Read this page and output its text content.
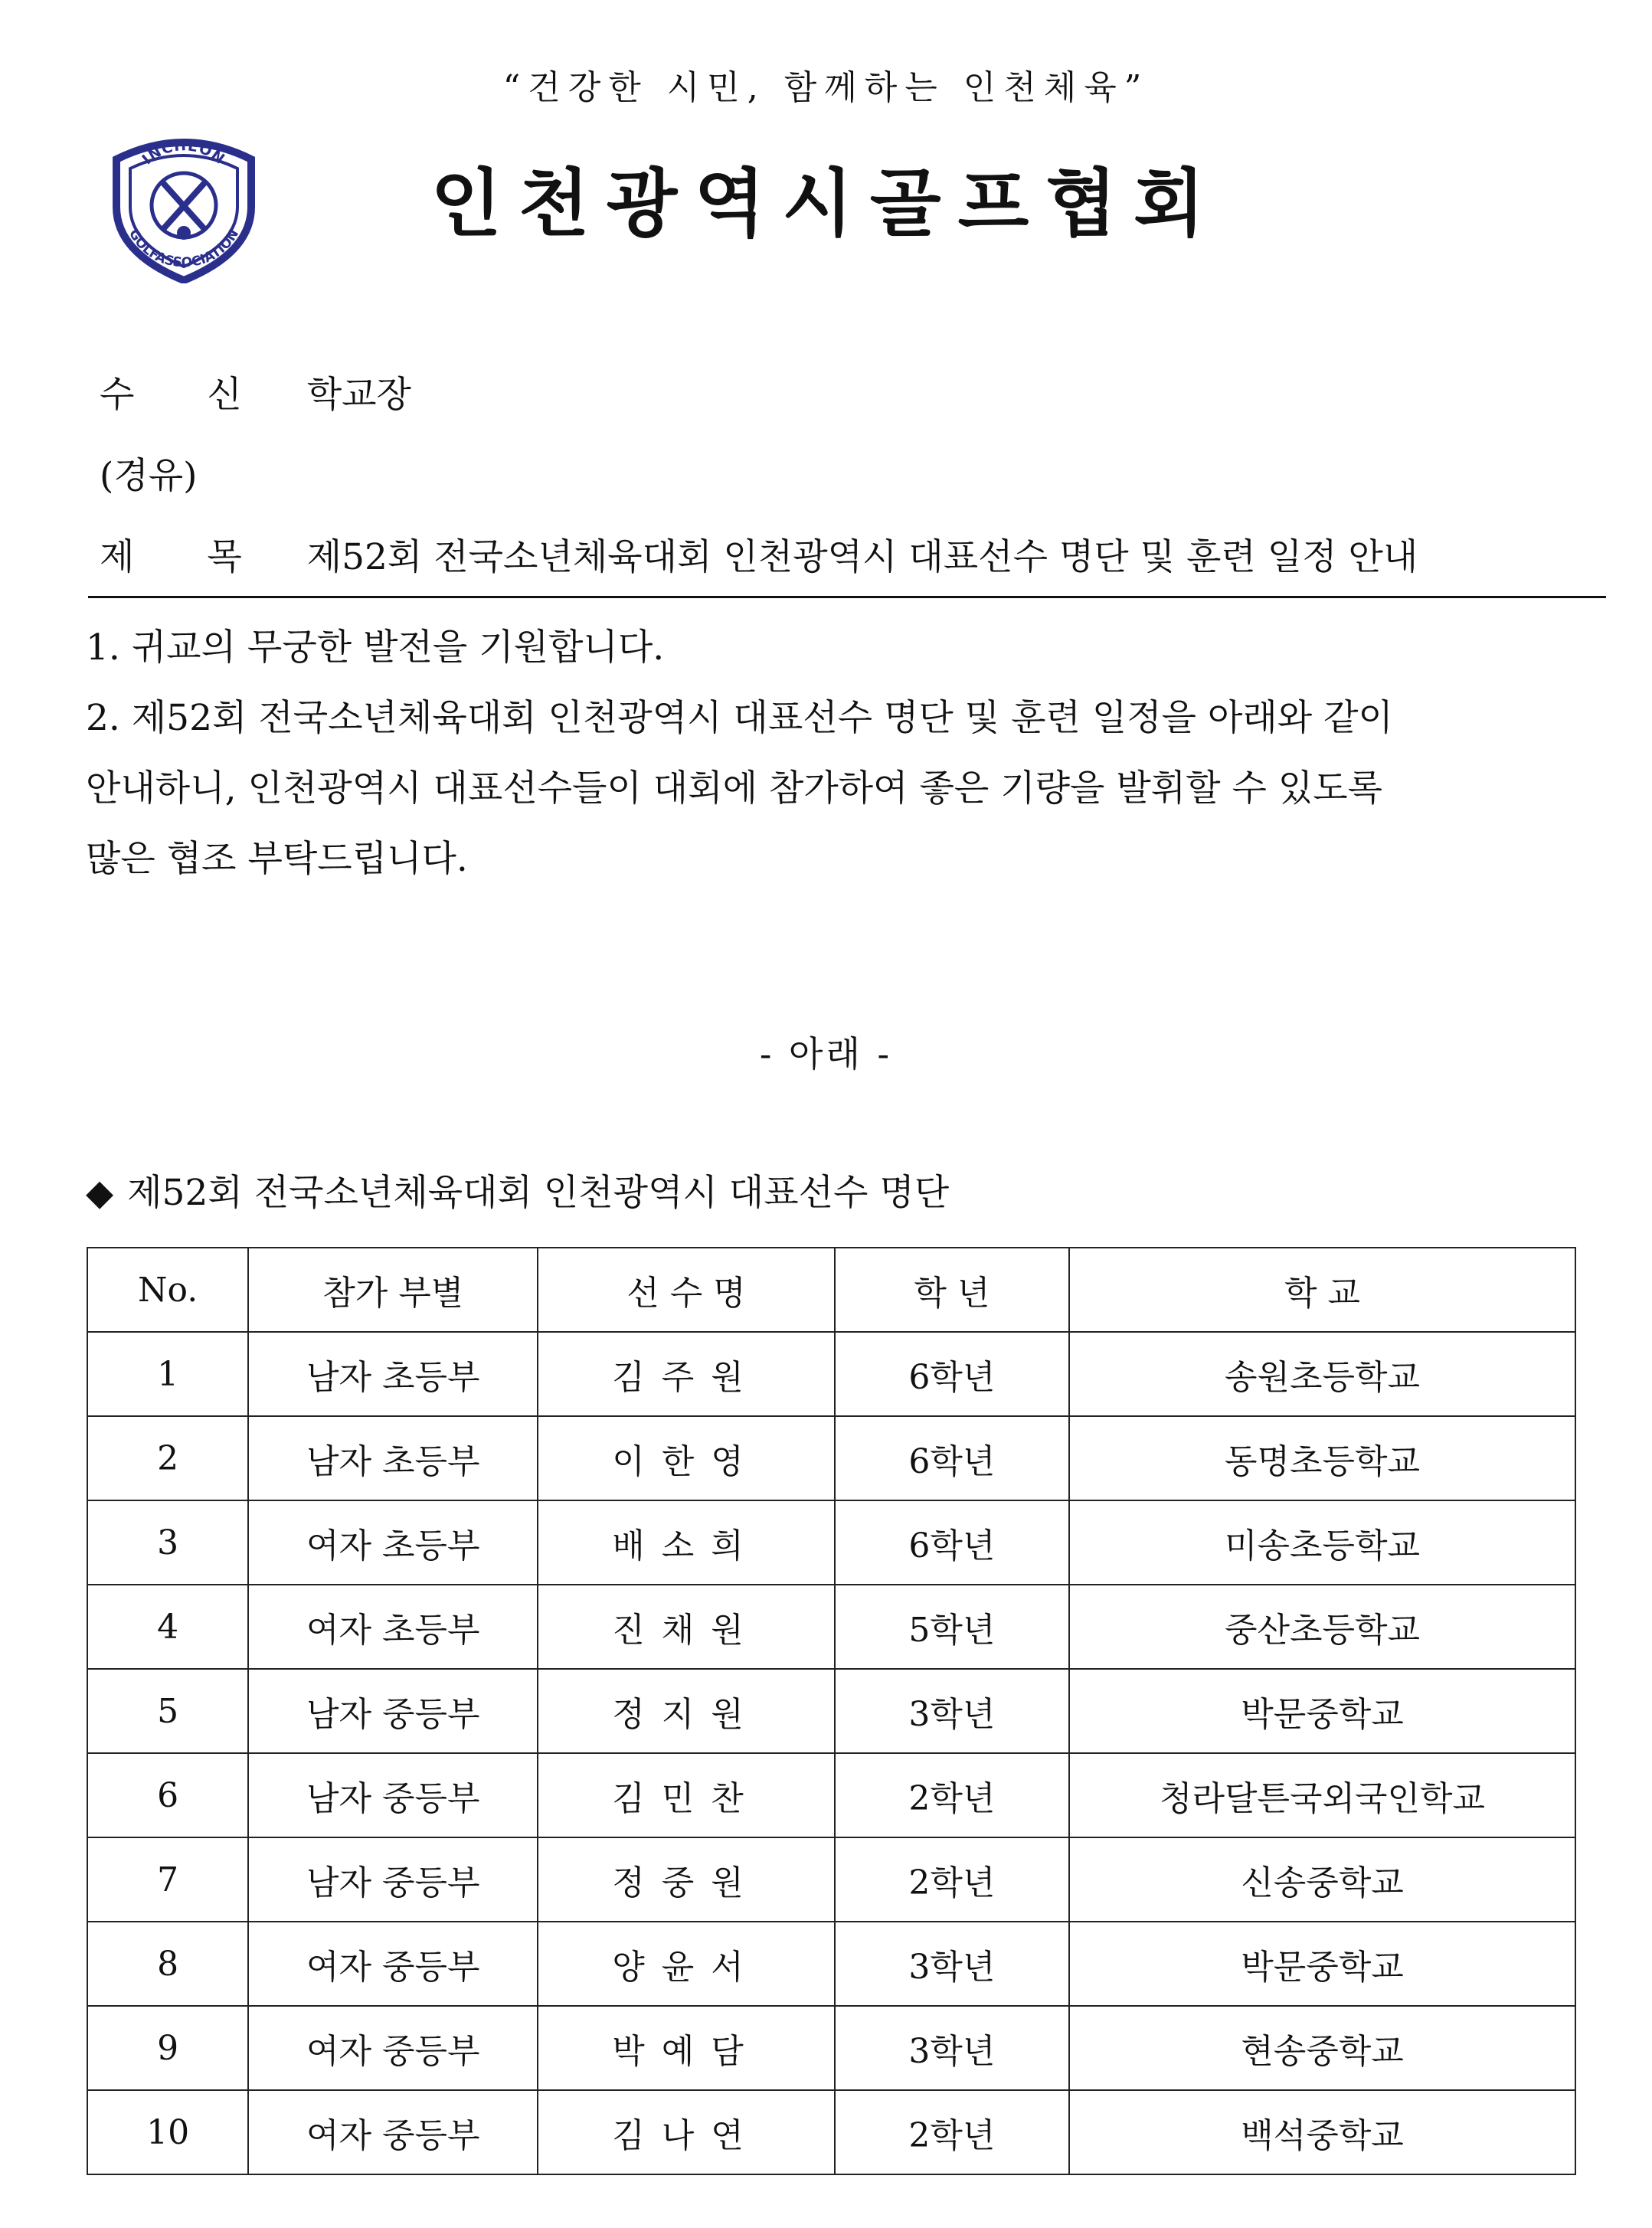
“건강한 시민, 함께하는 인천체육”
INCHEON
GOLFASSOCIATION	인천광역시골프협회
수 신 학교장
(경유)
제 목 제52회 전국소년체육대회 인천광역시 대표선수 명단 및 훈련 일정 안내

1. 귀교의 무궁한 발전을 기원합니다.

2. 제52회 전국소년체육대회 인천광역시 대표선수 명단 및 훈련 일정을 아래와 같이

안내하니, 인천광역시 대표선수들이 대회에 참가하여 좋은 기량을 발휘할 수 있도록

많은 협조 부탁드립니다.

- 아래 -
◆ 제52회 전국소년체육대회 인천광역시 대표선수 명단
No.	참가 부별	선 수 명	학 년	학 교
1	남자 초등부	김주원	6학년	송원초등학교
2	남자 초등부	이한영	6학년	동명초등학교
3	여자 초등부	배소희	6학년	미송초등학교
4	여자 초등부	진채원	5학년	중산초등학교
5	남자 중등부	정지원	3학년	박문중학교
6	남자 중등부	김민찬	2학년	청라달튼국외국인학교
7	남자 중등부	정중원	2학년	신송중학교
8	여자 중등부	양윤서	3학년	박문중학교
9	여자 중등부	박예담	3학년	현송중학교
10	여자 중등부	김나연	2학년	백석중학교
